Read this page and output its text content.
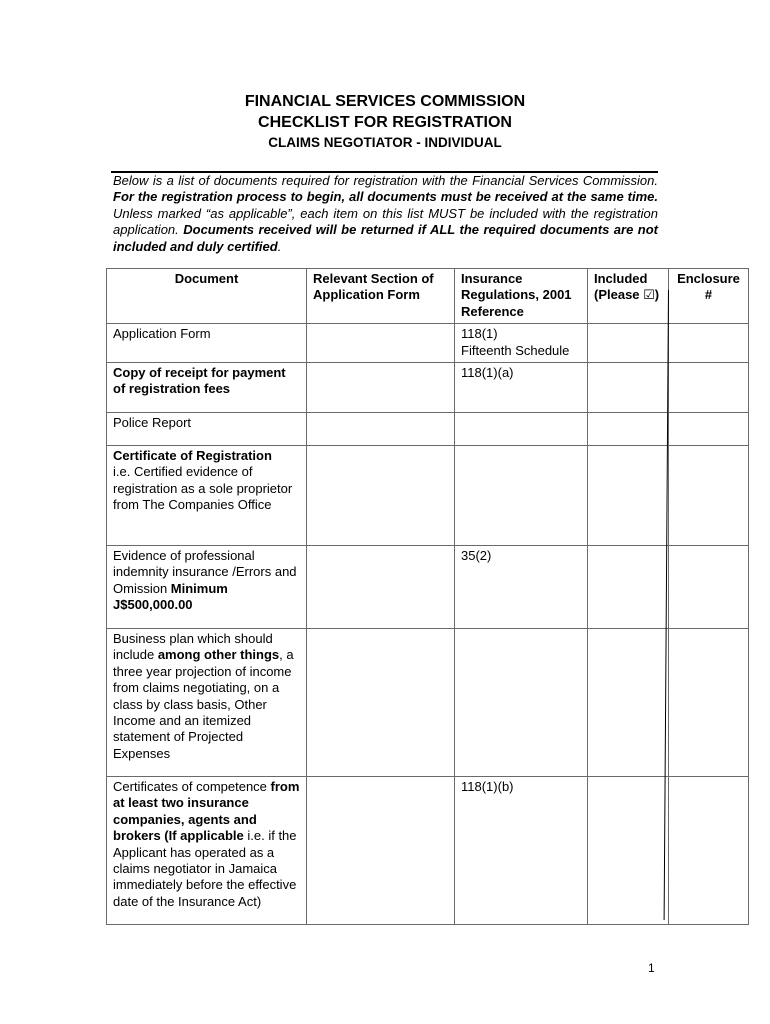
FINANCIAL SERVICES COMMISSION
CHECKLIST FOR REGISTRATION
CLAIMS NEGOTIATOR - INDIVIDUAL
Below is a list of documents required for registration with the Financial Services Commission. For the registration process to begin, all documents must be received at the same time. Unless marked “as applicable”, each item on this list MUST be included with the registration application. Documents received will be returned if ALL the required documents are not included and duly certified.
Document	Relevant Section of Application Form	Insurance Regulations, 2001 Reference	Included (Please ☑)	Enclosure #
Application Form		118(1)
Fifteenth Schedule		
Copy of receipt for payment of registration fees		118(1)(a)		
Police Report				
Certificate of Registration
i.e. Certified evidence of registration as a sole proprietor from The Companies Office				
Evidence of professional indemnity insurance /Errors and Omission Minimum J$500,000.00		35(2)		
Business plan which should include among other things, a three year projection of income from claims negotiating, on a class by class basis, Other Income and an itemized statement of Projected Expenses				
Certificates of competence from at least two insurance companies, agents and brokers (If applicable i.e. if the Applicant has operated as a claims negotiator in Jamaica immediately before the effective date of the Insurance Act)		118(1)(b)		
1
